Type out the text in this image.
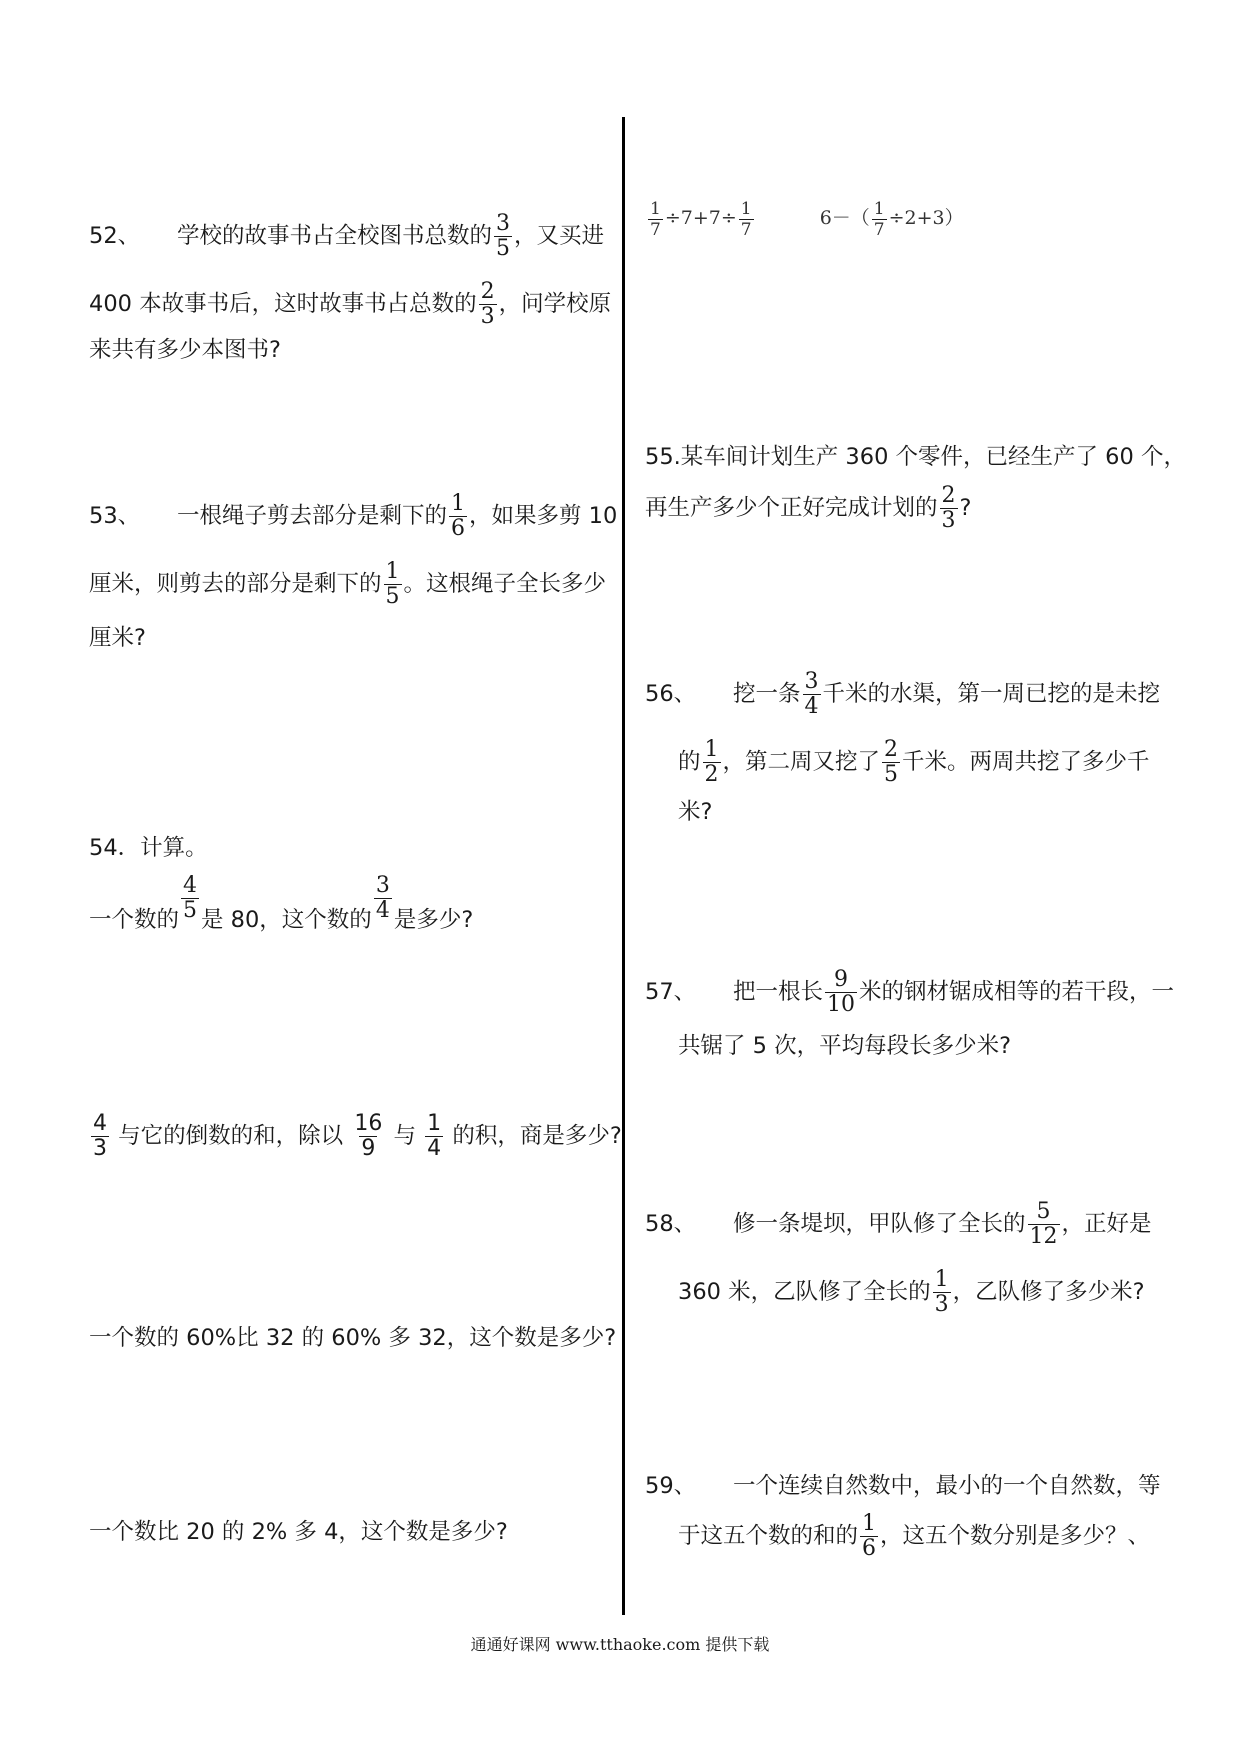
52、 学校的故事书占全校图书总数的 $\frac{3}{5}$ ，又买进
400 本故事书后，这时故事书占总数的 $\frac{2}{3}$ ，问学校原
来共有多少本图书?
53、 一根绳子剪去部分是剩下的 $\frac{1}{6}$ ，如果多剪 10
厘米，则剪去的部分是剩下的 $\frac{1}{5}$ 。这根绳子全长多少
厘米?
54．计算。
一个数的 $\frac{4}{5}$ 是 80，这个数的 $\frac{3}{4}$ 是多少?
$\frac{4}{3}$ 与它的倒数的和，除以 $\frac{16}{9}$ 与 $\frac{1}{4}$ 的积，商是多少?
一个数的 60%比 32 的 60% 多 32，这个数是多少?
一个数比 20 的 2% 多 4，这个数是多少?
$\frac{1}{7} \div 7+7\div \frac{1}{7}$	$6-( \frac{1}{7} \div 2+3)$
55.某车间计划生产 360 个零件，已经生产了 60 个，
再生产多少个正好完成计划的 $\frac{2}{3}$ ?
56、 挖一条 $\frac{3}{4}$ 千米的水渠，第一周已挖的是未挖
的 $\frac{1}{2}$ ，第二周又挖了 $\frac{2}{5}$ 千米。两周共挖了多少千
米?
57、 把一根长 $\frac{9}{10}$ 米的钢材锯成相等的若干段，一
共锯了 5 次，平均每段长多少米?
58、 修一条堤坝，甲队修了全长的 $\frac{5}{12}$ ，正好是
360 米，乙队修了全长的 $\frac{1}{3}$ ，乙队修了多少米?
59、 一个连续自然数中，最小的一个自然数，等
于这五个数的和的 $\frac{1}{6}$ ，这五个数分别是多少？、
通通好课网 www.tthaoke.com 提供下载
